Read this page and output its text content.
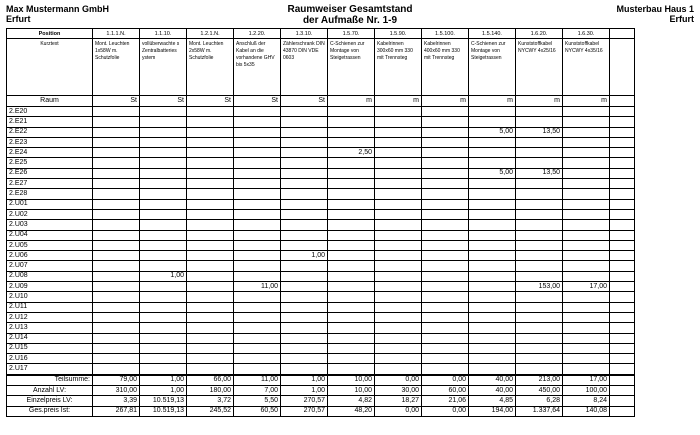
Max Mustermann GmbH
Erfurt
Raumweiser Gesamtstand
der Aufmaße Nr. 1-9
Musterbau Haus 1
Erfurt
Position	1.1.1.N.	1.1.10.	1.2.1.N.	1.2.20.	1.3.10.	1.5.70.	1.5.90.	1.5.100.	1.5.140.	1.6.20.	1.6.30.	
Kurztext	Mont. Leuchten 1x58W m. Schutzfolie	vollüberwachte s Zentralbatteries ystem	Mont. Leuchten 2x58W m. Schutzfolie	Anschluß der Kabel an die vorhandene GHV bis 5x35	Zählerschrank DIN 43870 DIN VDE 0603	C-Schienen zur Montage von Steigetrassen	Kabelrinnen 300x60 mm 330 mit Trennsteg	Kabelrinnen 400x60 mm 330 mit Trennsteg	C-Schienen zur Montage von Steigetrassen	Kunststoffkabel NYCWY 4x25/16	Kunststoffkabel NYCWY 4x35/16	
Raum	St	St	St	St	St	m	m	m	m	m	m	
2.E20												
2.E21												
2.E22									5,00	13,50		
2.E23												
2.E24						2,50						
2.E25												
2.E26									5,00	13,50		
2.E27												
2.E28												
2.U01												
2.U02												
2.U03												
2.U04												
2.U05												
2.U06					1,00							
2.U07												
2.U08		1,00										
2.U09				11,00						153,00	17,00	
2.U10												
2.U11												
2.U12												
2.U13												
2.U14												
2.U15												
2.U16												
2.U17												
Teilsumme:	79,00	1,00	66,00	11,00	1,00	10,00	0,00	0,00	40,00	213,00	17,00	
Anzahl LV:	310,00	1,00	180,00	7,00	1,00	10,00	30,00	60,00	40,00	450,00	100,00	
Einzelpreis LV:	3,39	10.519,13	3,72	5,50	270,57	4,82	18,27	21,06	4,85	6,28	8,24	
Ges.preis Ist:	267,81	10.519,13	245,52	60,50	270,57	48,20	0,00	0,00	194,00	1.337,64	140,08	
